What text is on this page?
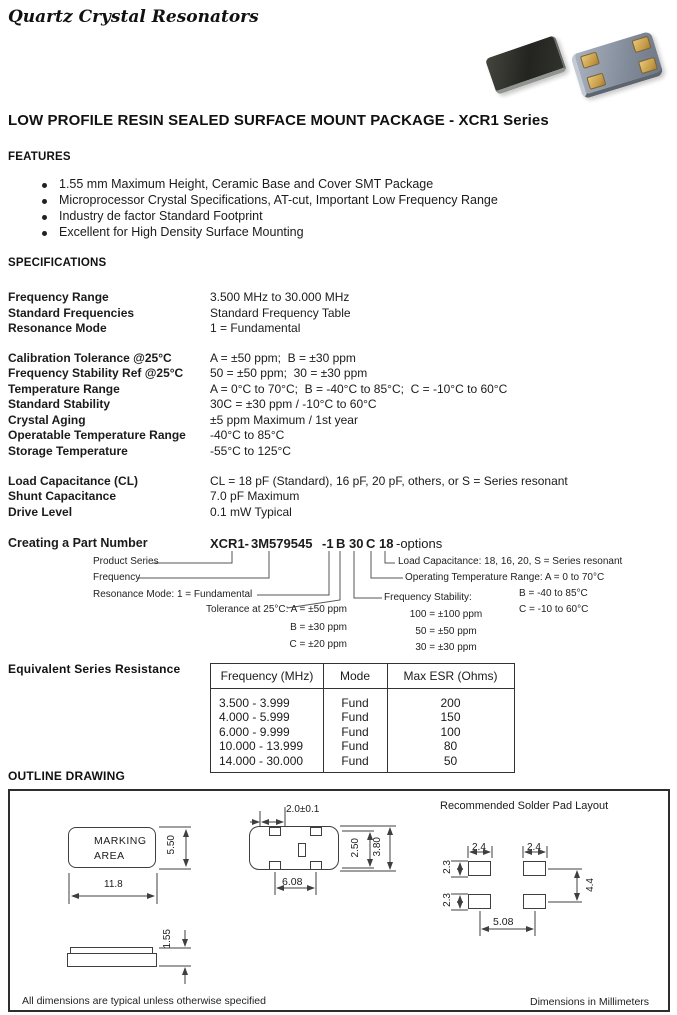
Quartz Crystal Resonators
LOW PROFILE RESIN SEALED SURFACE MOUNT PACKAGE - XCR1 Series
FEATURES
1.55 mm Maximum Height, Ceramic Base and Cover SMT Package
Microprocessor Crystal Specifications, AT-cut, Important Low Frequency Range
Industry de factor Standard Footprint
Excellent for High Density Surface Mounting
SPECIFICATIONS
Frequency Range	3.500 MHz to 30.000 MHz
Standard Frequencies	Standard Frequency Table
Resonance Mode	1 = Fundamental
Calibration Tolerance @25°C	A = ±50 ppm;  B = ±30 ppm
Frequency Stability Ref @25°C 50 = ±50 ppm;  30 = ±30 ppm
Temperature Range	A = 0°C to 70°C;  B = -40°C to 85°C;  C = -10°C to 60°C
Standard Stability	30C = ±30 ppm / -10°C to 60°C
Crystal Aging	±5 ppm Maximum / 1st year
Operatable Temperature Range -40°C to 85°C
Storage Temperature	-55°C to 125°C
Load Capacitance (CL)	CL = 18 pF (Standard), 16 pF, 20 pF, others, or S = Series resonant
Shunt Capacitance	7.0 pF Maximum
Drive Level	0.1 mW Typical
Creating a Part Number	XCR1- 3M579545 -1 B 30 C 18 -options
Product Series
Frequency
Resonance Mode: 1 = Fundamental
Tolerance at 25°C: A = ±50 ppm
B = ±30 ppm
C = ±20 ppm
Frequency Stability:
100 = ±100 ppm
50 = ±50 ppm
30 = ±30 ppm
Load Capacitance: 18, 16, 20, S = Series resonant
Operating Temperature Range: A = 0 to 70°C
B = -40 to 85°C
C = -10 to 60°C
Equivalent Series Resistance	Frequency (MHz)	Mode	Max ESR (Ohms)
3.500 - 3.999	Fund	200
4.000 - 5.999	Fund	150
6.000 - 9.999	Fund	100
10.000 - 13.999	Fund	80
14.000 - 30.000	Fund	50
OUTLINE DRAWING
MARKING
AREA
5.50
11.8
1.55
2.0±0.1
2.50 3.80
6.08
Recommended Solder Pad Layout
2.4	2.4
2.3
2.3
4.4
5.08
All dimensions are typical unless otherwise specified	Dimensions in Millimeters
